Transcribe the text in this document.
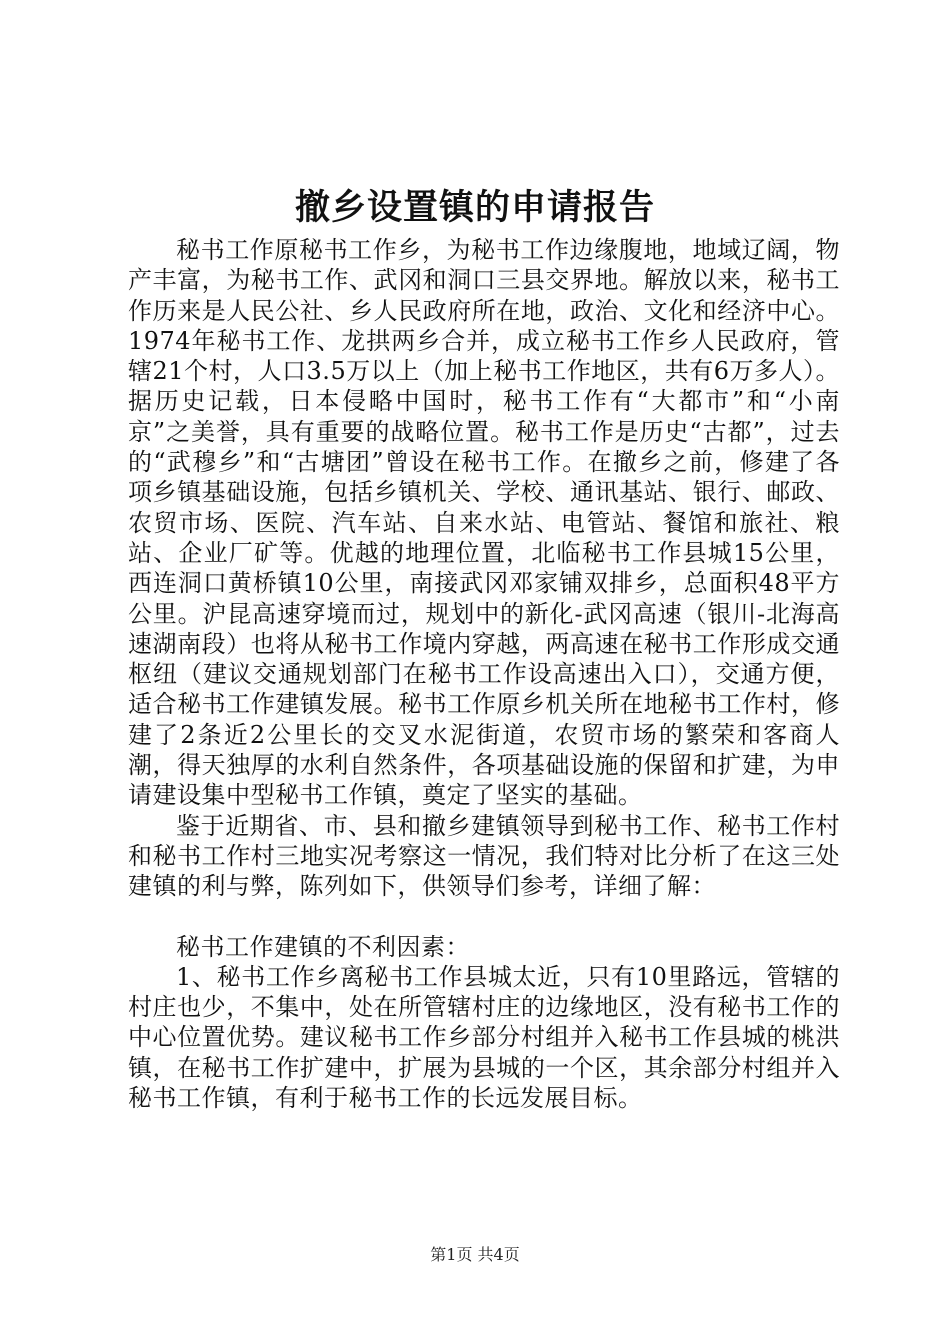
撤乡设置镇的申请报告

秘书工作原秘书工作乡，为秘书工作边缘腹地，地域辽阔，物产丰富，为秘书工作、武冈和洞口三县交界地。解放以来，秘书工作历来是人民公社、乡人民政府所在地，政治、文化和经济中心。1974年秘书工作、龙拱两乡合并，成立秘书工作乡人民政府，管辖21个村，人口3.5万以上（加上秘书工作地区，共有6万多人）。据历史记载，日本侵略中国时，秘书工作有“大都市”和“小南京”之美誉，具有重要的战略位置。秘书工作是历史“古都”，过去的“武穆乡”和“古塘团”曾设在秘书工作。在撤乡之前，修建了各项乡镇基础设施，包括乡镇机关、学校、通讯基站、银行、邮政、农贸市场、医院、汽车站、自来水站、电管站、餐馆和旅社、粮站、企业厂矿等。优越的地理位置，北临秘书工作县城15公里，西连洞口黄桥镇10公里，南接武冈邓家铺双排乡，总面积48平方公里。沪昆高速穿境而过，规划中的新化-武冈高速（银川-北海高速湖南段）也将从秘书工作境内穿越，两高速在秘书工作形成交通枢纽（建议交通规划部门在秘书工作设高速出入口），交通方便，适合秘书工作建镇发展。秘书工作原乡机关所在地秘书工作村，修建了2条近2公里长的交叉水泥街道，农贸市场的繁荣和客商人潮，得天独厚的水利自然条件，各项基础设施的保留和扩建，为申请建设集中型秘书工作镇，奠定了坚实的基础。

鉴于近期省、市、县和撤乡建镇领导到秘书工作、秘书工作村和秘书工作村三地实况考察这一情况，我们特对比分析了在这三处建镇的利与弊，陈列如下，供领导们参考，详细了解：

秘书工作建镇的不利因素：

1、秘书工作乡离秘书工作县城太近，只有10里路远，管辖的村庄也少，不集中，处在所管辖村庄的边缘地区，没有秘书工作的中心位置优势。建议秘书工作乡部分村组并入秘书工作县城的桃洪镇，在秘书工作扩建中，扩展为县城的一个区，其余部分村组并入秘书工作镇，有利于秘书工作的长远发展目标。

第1页 共4页
